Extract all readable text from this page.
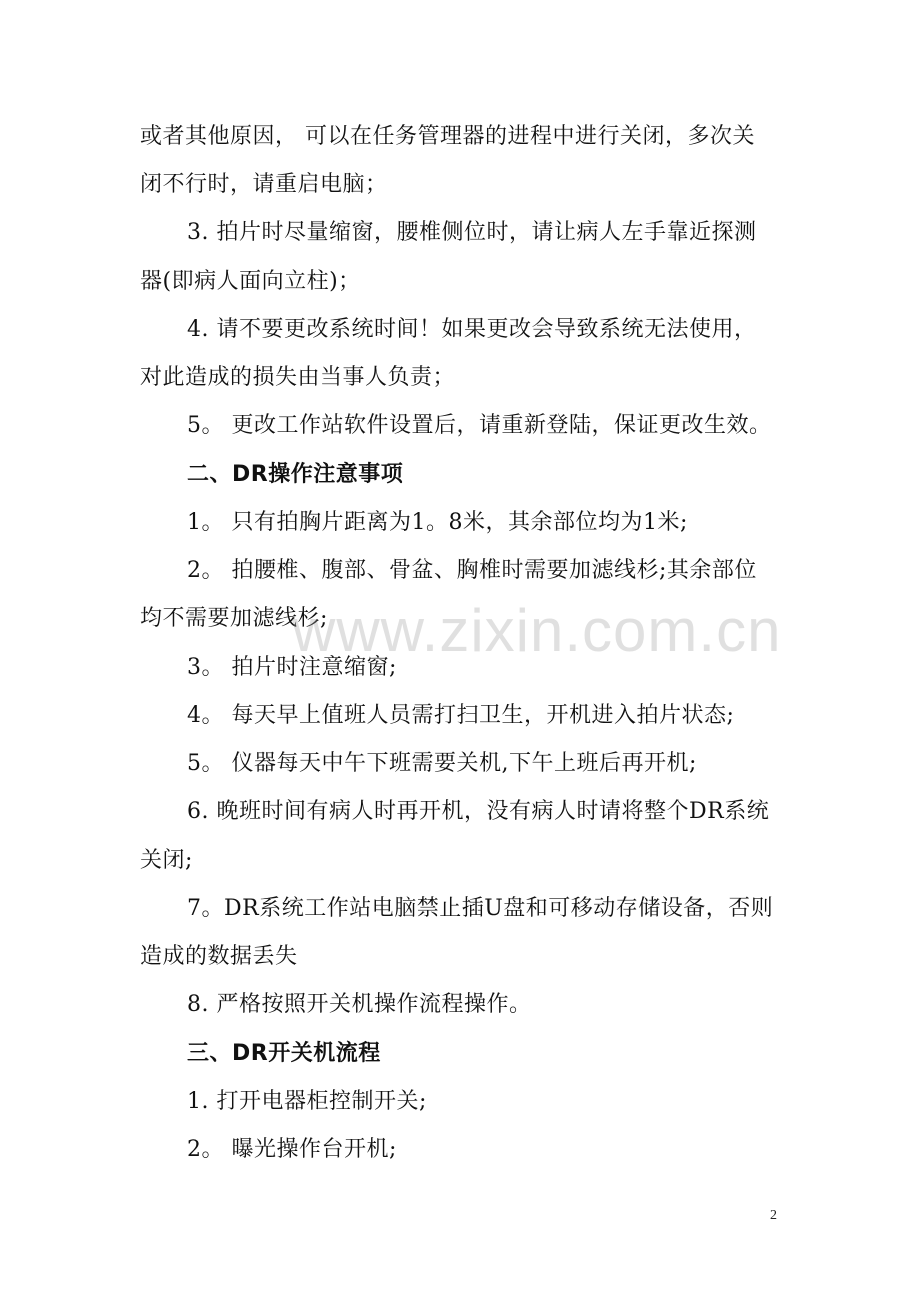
或者其他原因， 可以在任务管理器的进程中进行关闭，多次关
闭不行时，请重启电脑；
3. 拍片时尽量缩窗，腰椎侧位时，请让病人左手靠近探测
器(即病人面向立柱)；
4. 请不要更改系统时间！如果更改会导致系统无法使用，
对此造成的损失由当事人负责；
5。 更改工作站软件设置后，请重新登陆，保证更改生效。
二、DR操作注意事项
1。 只有拍胸片距离为1。8米，其余部位均为1米;
2。 拍腰椎、腹部、骨盆、胸椎时需要加滤线杉;其余部位
均不需要加滤线杉;
3。 拍片时注意缩窗;
4。 每天早上值班人员需打扫卫生，开机进入拍片状态;
5。 仪器每天中午下班需要关机,下午上班后再开机;
6. 晚班时间有病人时再开机，没有病人时请将整个DR系统
关闭;
7。DR系统工作站电脑禁止插U盘和可移动存储设备，否则
造成的数据丢失
8. 严格按照开关机操作流程操作。
三、DR开关机流程
1. 打开电器柜控制开关;
2。 曝光操作台开机;
www.zixin.com.cn
2
